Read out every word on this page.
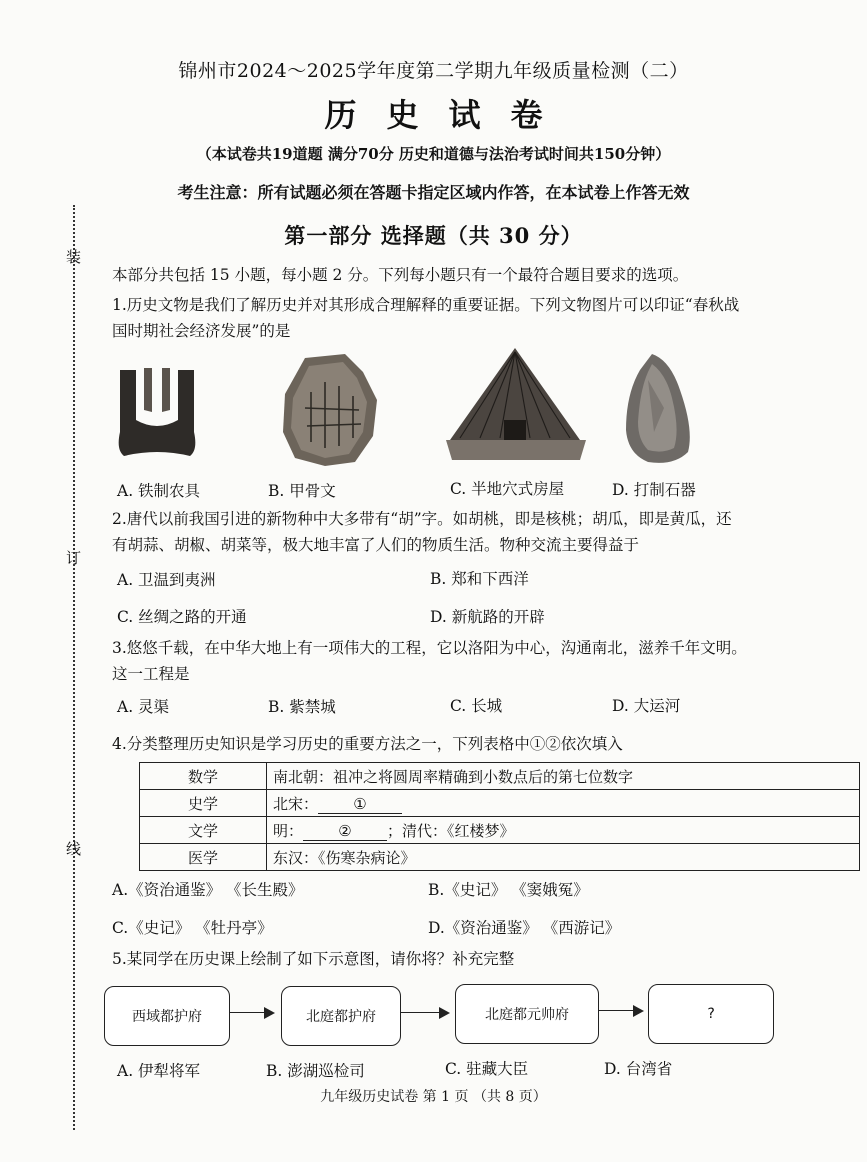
锦州市2024～2025学年度第二学期九年级质量检测（二）
历史试卷
（本试卷共19道题 满分70分 历史和道德与法治考试时间共150分钟）
考生注意：所有试题必须在答题卡指定区域内作答，在本试卷上作答无效
装
订
线
第一部分 选择题（共 30 分）
本部分共包括 15 小题，每小题 2 分。下列每小题只有一个最符合题目要求的选项。
1.历史文物是我们了解历史并对其形成合理解释的重要证据。下列文物图片可以印证“春秋战
国时期社会经济发展”的是
A. 铁制农具	B. 甲骨文	C. 半地穴式房屋	D. 打制石器
2.唐代以前我国引进的新物种中大多带有“胡”字。如胡桃，即是核桃；胡瓜，即是黄瓜，还
有胡蒜、胡椒、胡菜等，极大地丰富了人们的物质生活。物种交流主要得益于
A. 卫温到夷洲	B. 郑和下西洋
C. 丝绸之路的开通	D. 新航路的开辟
3.悠悠千载，在中华大地上有一项伟大的工程，它以洛阳为中心，沟通南北，滋养千年文明。
这一工程是
A. 灵渠	B. 紫禁城	C. 长城	D. 大运河
4.分类整理历史知识是学习历史的重要方法之一，下列表格中①②依次填入
数学	南北朝：祖冲之将圆周率精确到小数点后的第七位数字
史学	北宋： ①
文学	明： ② ；清代：《红楼梦》
医学	东汉：《伤寒杂病论》
A.《资治通鉴》 《长生殿》	B.《史记》 《窦娥冤》
C.《史记》 《牡丹亭》	D.《资治通鉴》 《西游记》
5.某同学在历史课上绘制了如下示意图，请你将？补充完整
西域都护府	北庭都护府	北庭都元帅府	?
A. 伊犁将军	B. 澎湖巡检司	C. 驻藏大臣	D. 台湾省
九年级历史试卷 第 1 页 （共 8 页）
